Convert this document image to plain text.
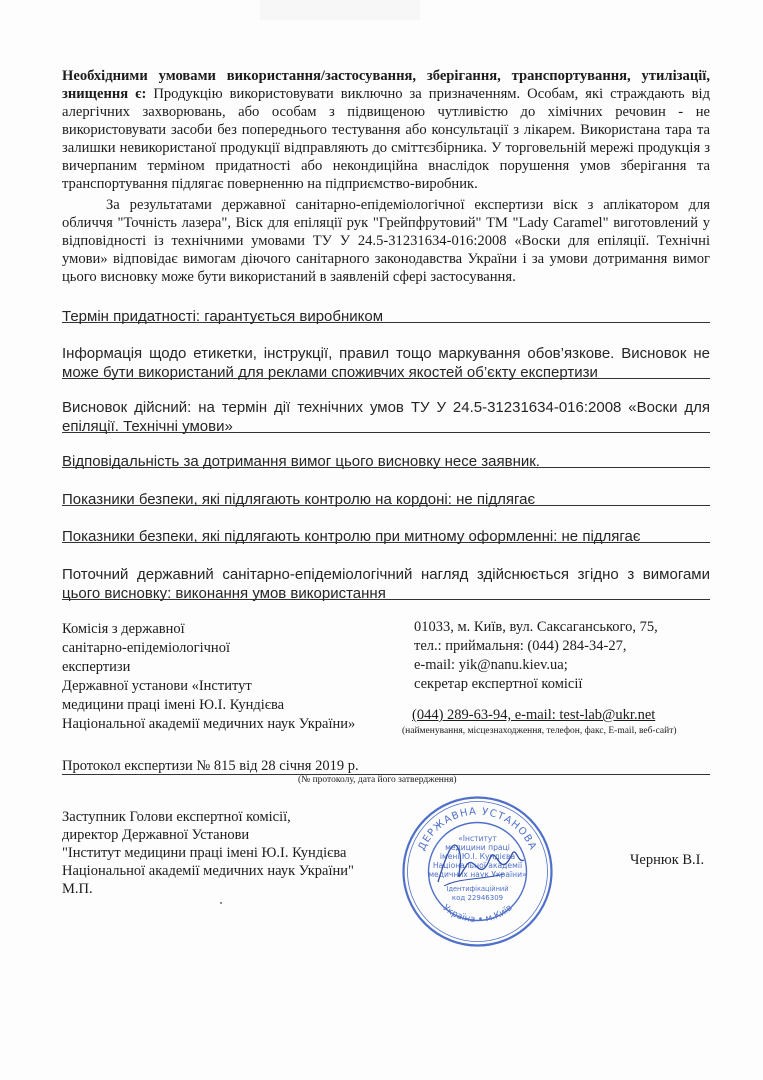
Необхідними умовами використання/застосування, зберігання, транспортування, утилізації, знищення є: Продукцію використовувати виключно за призначенням. Особам, які страждають від алергічних захворювань, або особам з підвищеною чутливістю до хімічних речовин - не використовувати засоби без попереднього тестування або консультації з лікарем. Використана тара та залишки невикористаної продукції відправляють до сміттєзбірника. У торговельній мережі продукція з вичерпаним терміном придатності або некондиційна внаслідок порушення умов зберігання та транспортування підлягає поверненню на підприємство-виробник.
За результатами державної санітарно-епідеміологічної експертизи віск з аплікатором для обличчя "Точність лазера", Віск для епіляції рук "Грейпфрутовий" ТМ "Lady Caramel" виготовлений у відповідності із технічними умовами ТУ У 24.5-31231634-016:2008 «Воски для епіляції. Технічні умови» відповідає вимогам діючого санітарного законодавства України і за умови дотримання вимог цього висновку може бути використаний в заявленій сфері застосування.
Термін придатності: гарантується виробником
Інформація щодо етикетки, інструкції, правил тощо маркування обов’язкове. Висновок не може бути використаний для реклами споживчих якостей об’єкту експертизи
Висновок дійсний: на термін дії технічних умов ТУ У 24.5-31231634-016:2008 «Воски для епіляції. Технічні умови»
Відповідальність за дотримання вимог цього висновку несе заявник.
Показники безпеки, які підлягають контролю на кордоні: не підлягає
Показники безпеки, які підлягають контролю при митному оформленні: не підлягає
Поточний державний санітарно-епідеміологічний нагляд здійснюється згідно з вимогами цього висновку: виконання умов використання
Комісія з державної
санітарно-епідеміологічної
експертизи
Державної установи «Інститут
медицини праці імені Ю.І. Кундієва
Національної академії медичних наук України»
01033, м. Київ, вул. Саксаганського, 75,
тел.: приймальня: (044) 284-34-27,
e-mail: yik@nanu.kiev.ua;
секретар експертної комісії
(044) 289-63-94, e-mail: test-lab@ukr.net
(найменування, місцезнаходження, телефон, факс, E-mail, веб-сайт)
Протокол експертизи № 815 від 28 січня 2019 р.
(№ протоколу, дата його затвердження)
Заступник Голови експертної комісії,
директор Державної Установи
"Інститут медицини праці імені Ю.І. Кундієва
Національної академії медичних наук України"
М.П.
ДЕРЖАВНА УСТАНОВА
Україна • м.Київ
«Інститут
медицини праці
імені Ю.І. Кундієва
Національної академії
медичних наук України»
Ідентифікаційний
код 22946309
Чернюк В.І.
